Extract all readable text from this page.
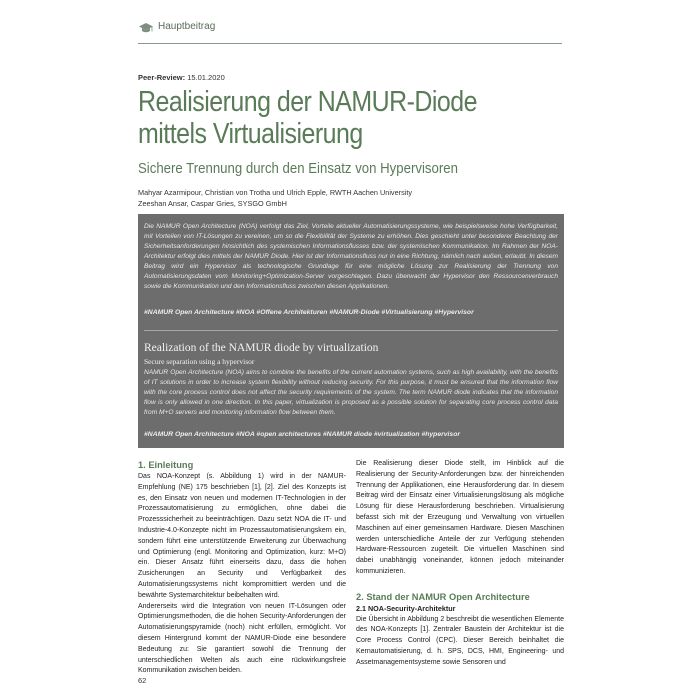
Hauptbeitrag
Peer-Review: 15.01.2020
Realisierung der NAMUR-Diode
mittels Virtualisierung
Sichere Trennung durch den Einsatz von Hypervisoren
Mahyar Azarmipour, Christian von Trotha und Ulrich Epple, RWTH Aachen University
Zeeshan Ansar, Caspar Gries, SYSGO GmbH
Die NAMUR Open Architecture (NOA) verfolgt das Ziel, Vorteile aktueller Automatisierungssysteme, wie beispielsweise hohe Verfügbarkeit, mit Vorteilen von IT-Lösungen zu vereinen, um so die Flexibilität der Systeme zu erhöhen. Dies geschieht unter besonderer Beachtung der Sicherheitsanforderungen hinsichtlich des systemischen Informationsflusses bzw. der systemischen Kommunikation. Im Rahmen der NOA-Architektur erfolgt dies mittels der NAMUR Diode. Hier ist der Informationsfluss nur in eine Richtung, nämlich nach außen, erlaubt. In diesem Beitrag wird ein Hypervisor als technologische Grundlage für eine mögliche Lösung zur Realisierung der Trennung von Automatisierungsdaten vom Monitoring+Optimization-Server vorgeschlagen. Dazu überwacht der Hypervisor den Ressourcenverbrauch sowie die Kommunikation und den Informationsfluss zwischen diesen Applikationen.
#NAMUR Open Architecture #NOA #Offene Architekturen #NAMUR-Diode #Virtualisierung #Hypervisor
Realization of the NAMUR diode by virtualization
Secure separation using a hypervisor
NAMUR Open Architecture (NOA) aims to combine the benefits of the current automation systems, such as high availability, with the benefits of IT solutions in order to increase system flexibility without reducing security. For this purpose, it must be ensured that the information flow with the core process control does not affect the security requirements of the system. The term NAMUR diode indicates that the information flow is only allowed in one direction. In this paper, virtualization is proposed as a possible solution for separating core process control data from M+O servers and monitoring information flow between them.
#NAMUR Open Architecture #NOA #open architectures #NAMUR diode #virtualization #hypervisor
1. Einleitung

Das NOA-Konzept (s. Abbildung 1) wird in der NAMUR-Empfehlung (NE) 175 beschrieben [1], [2]. Ziel des Konzepts ist es, den Einsatz von neuen und modernen IT-Technologien in der Prozessautomatisierung zu ermöglichen, ohne dabei die Prozesssicherheit zu beeinträchtigen. Dazu setzt NOA die IT- und Industrie-4.0-Konzepte nicht im Prozessautomatisierungskern ein, sondern führt eine unterstützende Erweiterung zur Überwachung und Optimierung (engl. Monitoring and Optimization, kurz: M+O) ein. Dieser Ansatz führt einerseits dazu, dass die hohen Zusicherungen an Security und Verfügbarkeit des Automatisierungssystems nicht kompromittiert werden und die bewährte Systemarchitektur beibehalten wird.

Andererseits wird die Integration von neuen IT-Lösungen oder Optimierungsmethoden, die die hohen Security-Anforderungen der Automatisierungspyramide (noch) nicht erfüllen, ermöglicht. Vor diesem Hintergrund kommt der NAMUR-Diode eine besondere Bedeutung zu: Sie garantiert sowohl die Trennung der unterschiedlichen Welten als auch eine rückwirkungsfreie Kommunikation zwischen beiden.

Die Realisierung dieser Diode stellt, im Hinblick auf die Realisierung der Security-Anforderungen bzw. der hinreichenden Trennung der Applikationen, eine Herausforderung dar. In diesem Beitrag wird der Einsatz einer Virtualisierungslösung als mögliche Lösung für diese Herausforderung beschrieben. Virtualisierung befasst sich mit der Erzeugung und Verwaltung von virtuellen Maschinen auf einer gemeinsamen Hardware. Diesen Maschinen werden unterschiedliche Anteile der zur Verfügung stehenden Hardware-Ressourcen zugeteilt. Die virtuellen Maschinen sind dabei unabhängig voneinander, können jedoch miteinander kommunizieren.

2. Stand der NAMUR Open Architecture
2.1 NOA-Security-Architektur

Die Übersicht in Abbildung 2 beschreibt die wesentlichen Elemente des NOA-Konzepts [1]. Zentraler Baustein der Architektur ist die Core Process Control (CPC). Dieser Bereich beinhaltet die Kernautomatisierung, d. h. SPS, DCS, HMI, Engineering- und Assetmanagementsysteme sowie Sensoren und

62
